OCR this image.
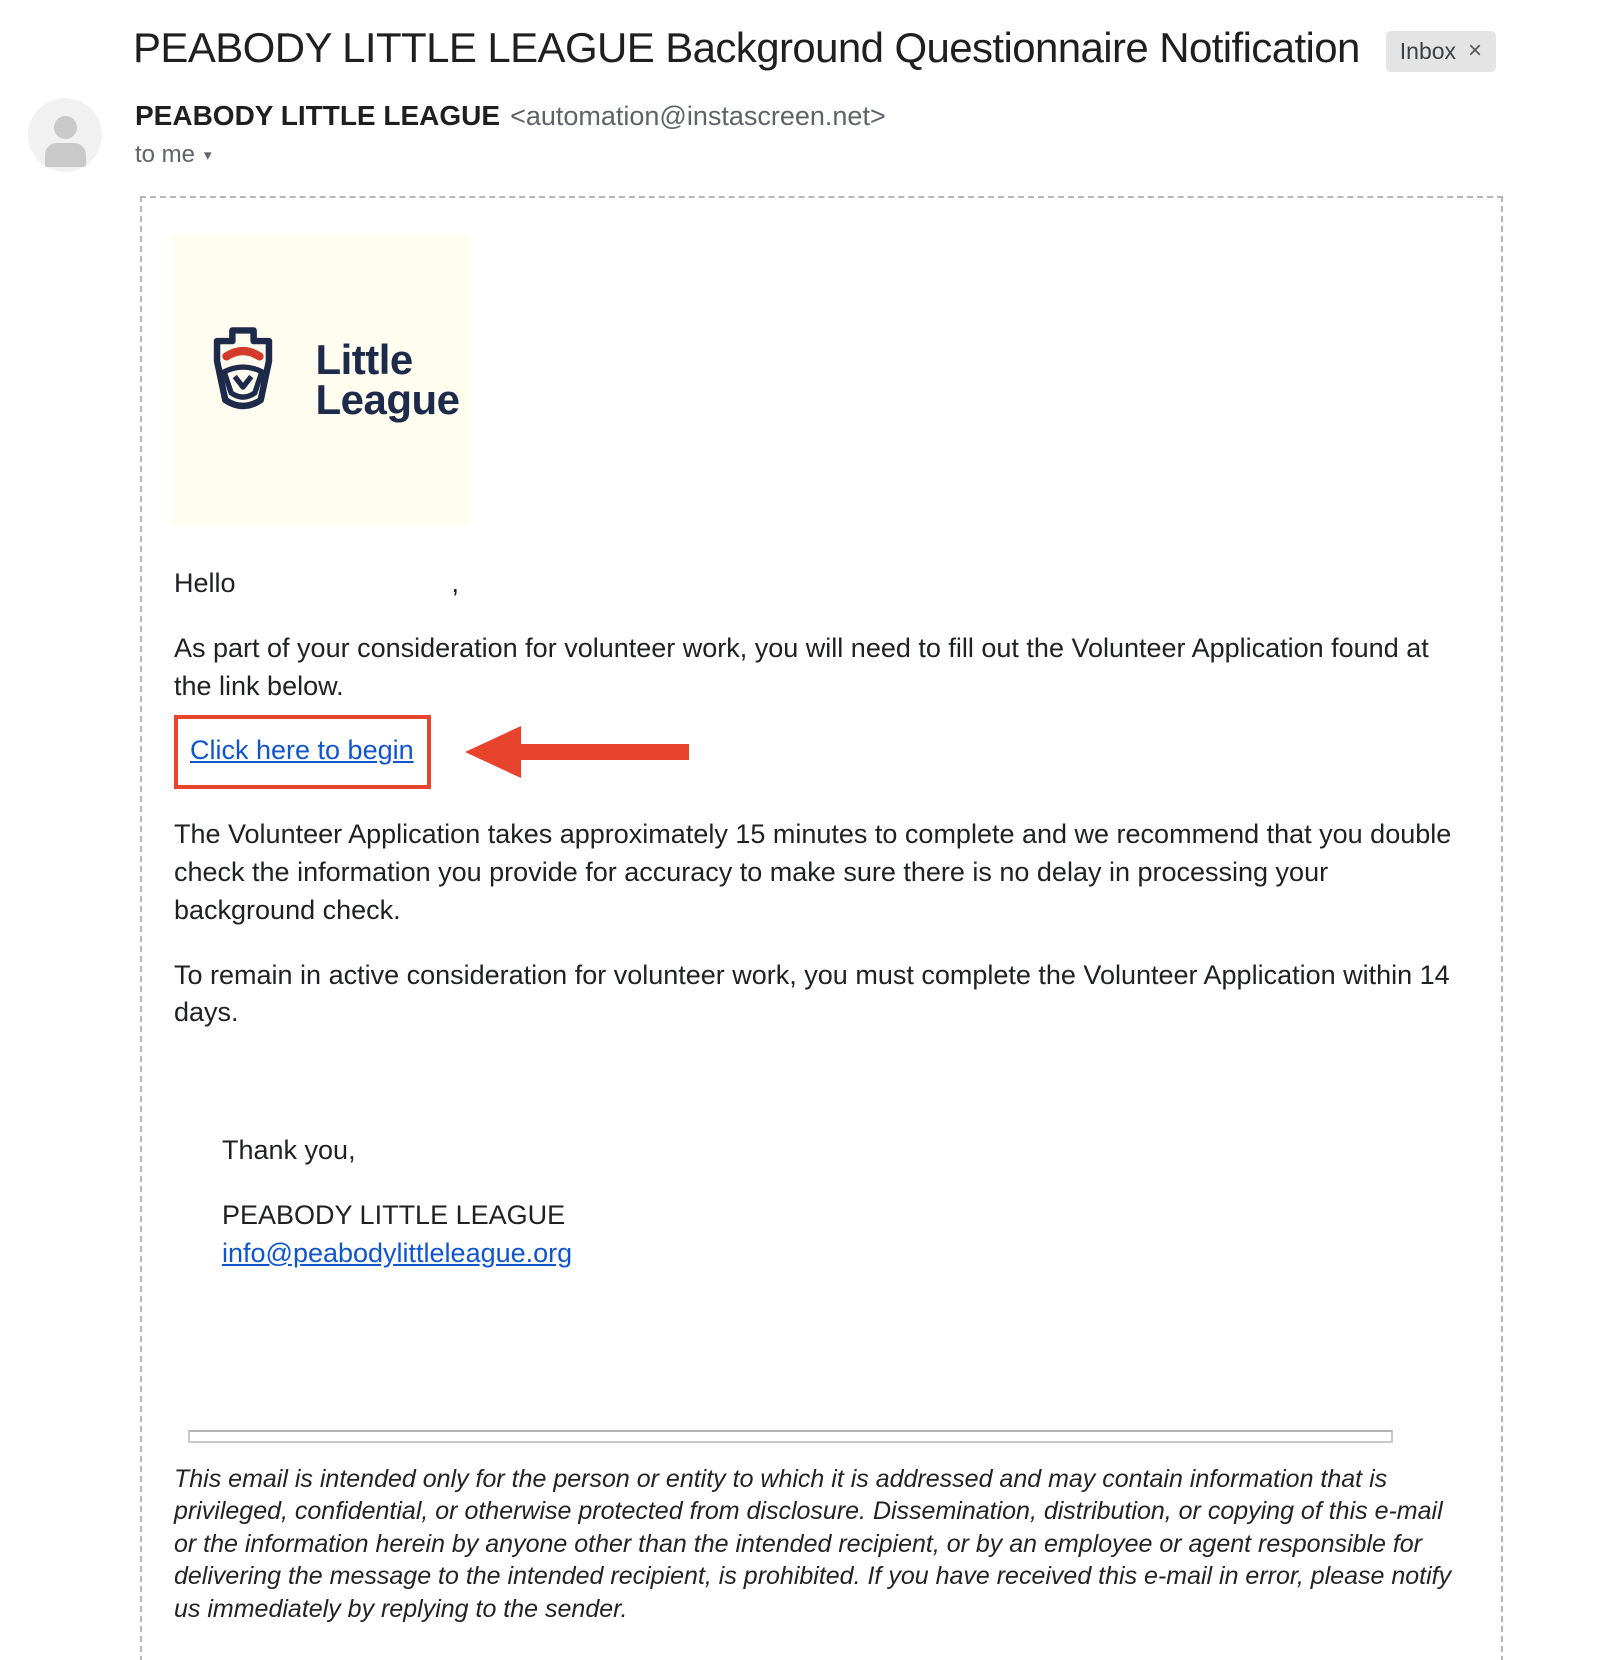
PEABODY LITTLE LEAGUE Background Questionnaire Notification Inbox ×
PEABODY LITTLE LEAGUE <automation@instascreen.net>
to me ▾
Little
League
Hello	,
As part of your consideration for volunteer work, you will need to fill out the Volunteer Application found at the link below.
Click here to begin
The Volunteer Application takes approximately 15 minutes to complete and we recommend that you double check the information you provide for accuracy to make sure there is no delay in processing your background check.
To remain in active consideration for volunteer work, you must complete the Volunteer Application within 14 days.
Thank you,
PEABODY LITTLE LEAGUE
info@peabodylittleleague.org
This email is intended only for the person or entity to which it is addressed and may contain information that is privileged, confidential, or otherwise protected from disclosure. Dissemination, distribution, or copying of this e-mail or the information herein by anyone other than the intended recipient, or by an employee or agent responsible for delivering the message to the intended recipient, is prohibited. If you have received this e-mail in error, please notify us immediately by replying to the sender.
